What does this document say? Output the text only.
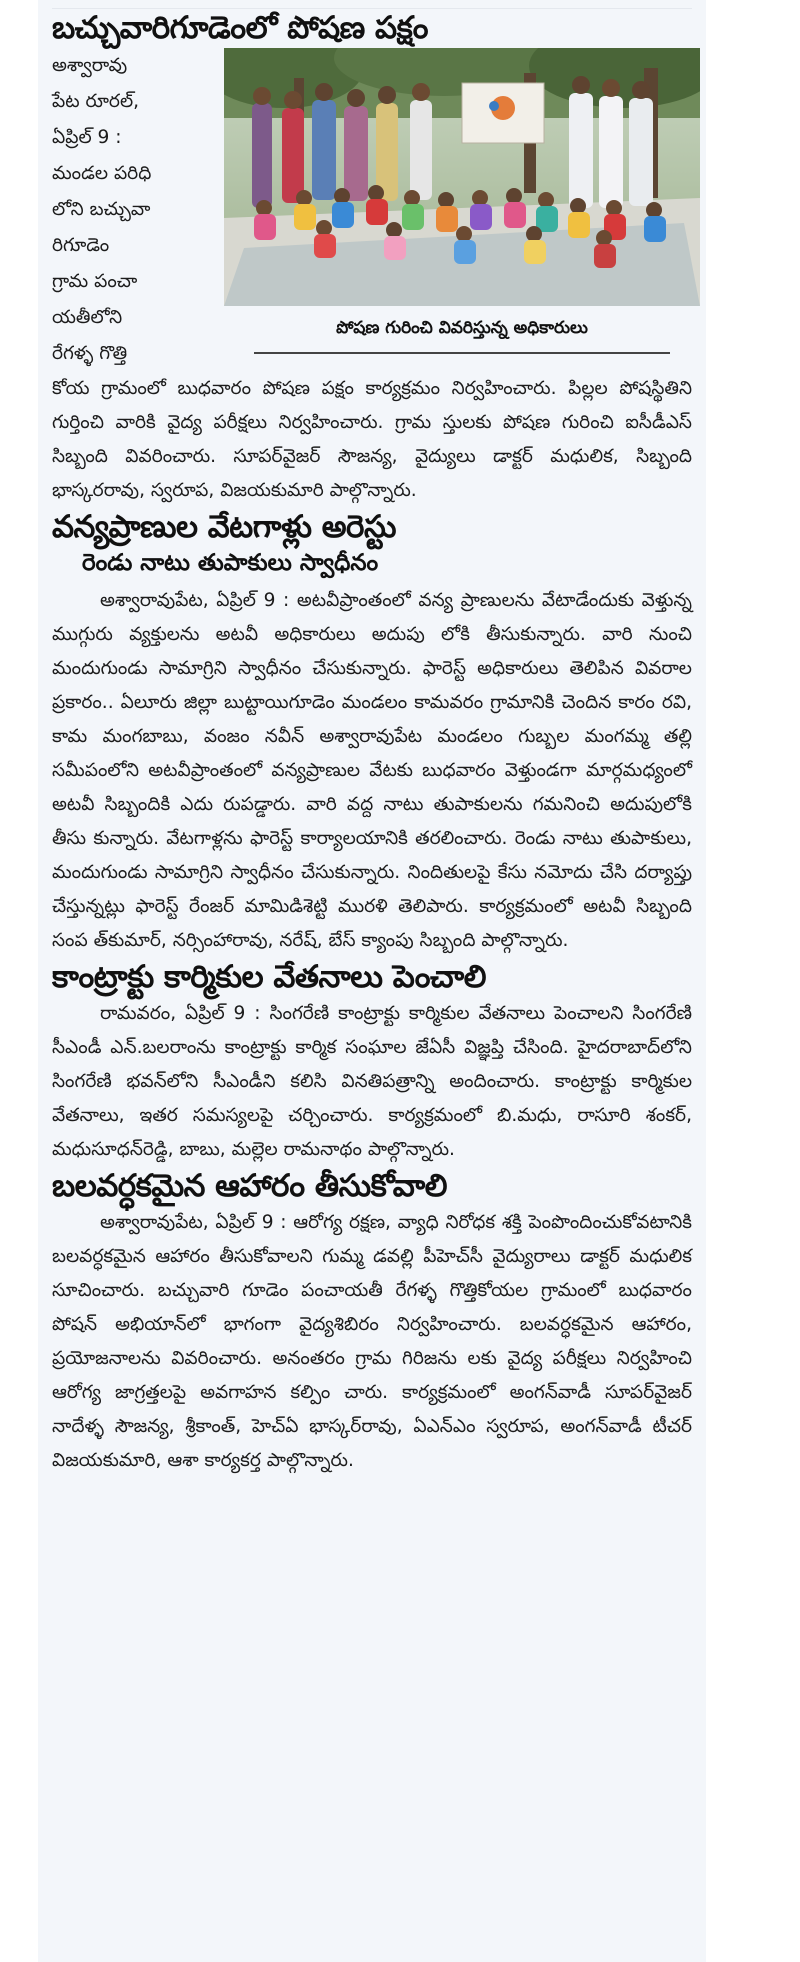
బచ్చువారిగూడెంలో పోషణ పక్షం

అశ్వారావు
పేట రూరల్,
ఏప్రిల్ 9 :
మండల పరిధి
లోని బచ్చువా
రిగూడెం
గ్రామ పంచా
యతీలోని
రేగళ్ళ గొత్తి

పోషణ గురించి వివరిస్తున్న అధికారులు

కోయ గ్రామంలో బుధవారం పోషణ పక్షం కార్యక్రమం నిర్వహించారు. పిల్లల పోషస్థితిని గుర్తించి వారికి వైద్య పరీక్షలు నిర్వహించారు. గ్రామ స్తులకు పోషణ గురించి ఐసీడీఎస్ సిబ్బంది వివరించారు. సూపర్‌వైజర్ సౌజన్య, వైద్యులు డాక్టర్ మధులిక, సిబ్బంది భాస్కరరావు, స్వరూప, విజయకుమారి పాల్గొన్నారు.

వన్యప్రాణుల వేటగాళ్లు అరెస్టు
రెండు నాటు తుపాకులు స్వాధీనం

అశ్వారావుపేట, ఏప్రిల్ 9 : అటవీప్రాంతంలో వన్య ప్రాణులను వేటాడేందుకు వెళ్తున్న ముగ్గురు వ్యక్తులను అటవీ అధికారులు అదుపు లోకి తీసుకున్నారు. వారి నుంచి మందుగుండు సామాగ్రిని స్వాధీనం చేసుకున్నారు. ఫారెస్ట్ అధికారులు తెలిపిన వివరాల ప్రకారం.. ఏలూరు జిల్లా బుట్టాయిగూడెం మండలం కామవరం గ్రామానికి చెందిన కారం రవి, కామ మంగబాబు, వంజం నవీన్ అశ్వారావుపేట మండలం గుబ్బల మంగమ్మ తల్లి సమీపంలోని అటవీప్రాంతంలో వన్యప్రాణుల వేటకు బుధవారం వెళ్తుండగా మార్గమధ్యంలో అటవీ సిబ్బందికి ఎదు రుపడ్డారు. వారి వద్ద నాటు తుపాకులను గమనించి అదుపులోకి తీసు కున్నారు. వేటగాళ్లను ఫారెస్ట్ కార్యాలయానికి తరలించారు. రెండు నాటు తుపాకులు, మందుగుండు సామాగ్రిని స్వాధీనం చేసుకున్నారు. నిందితులపై కేసు నమోదు చేసి దర్యాప్తు చేస్తున్నట్లు ఫారెస్ట్ రేంజర్ మామిడిశెట్టి మురళి తెలిపారు. కార్యక్రమంలో అటవీ సిబ్బంది సంప త్‌కుమార్, నర్సింహారావు, నరేష్, బేస్ క్యాంపు సిబ్బంది పాల్గొన్నారు.

కాంట్రాక్టు కార్మికుల వేతనాలు పెంచాలి

రామవరం, ఏప్రిల్ 9 : సింగరేణి కాంట్రాక్టు కార్మికుల వేతనాలు పెంచాలని సింగరేణి సీఎండీ ఎన్.బలరాంను కాంట్రాక్టు కార్మిక సంఘాల జేఏసీ విజ్ఞప్తి చేసింది. హైదరాబాద్‌లోని సింగరేణి భవన్‌లోని సీఎండీని కలిసి వినతిపత్రాన్ని అందించారు. కాంట్రాక్టు కార్మికుల వేతనాలు, ఇతర సమస్యలపై చర్చించారు. కార్యక్రమంలో బి.మధు, రాసూరి శంకర్, మధుసూధన్‌రెడ్డి, బాబు, మల్లెల రామనాథం పాల్గొన్నారు.

బలవర్ధకమైన ఆహారం తీసుకోవాలి

అశ్వారావుపేట, ఏప్రిల్ 9 : ఆరోగ్య రక్షణ, వ్యాధి నిరోధక శక్తి పెంపొందించుకోవటానికి బలవర్ధకమైన ఆహారం తీసుకోవాలని గుమ్మ డవల్లి పీహెచ్‌సీ వైద్యురాలు డాక్టర్ మధులిక సూచించారు. బచ్చువారి గూడెం పంచాయతీ రేగళ్ళ గొత్తికోయల గ్రామంలో బుధవారం పోషన్ అభియాన్‌లో భాగంగా వైద్యశిబిరం నిర్వహించారు. బలవర్ధకమైన ఆహారం, ప్రయోజనాలను వివరించారు. అనంతరం గ్రామ గిరిజను లకు వైద్య పరీక్షలు నిర్వహించి ఆరోగ్య జాగ్రత్తలపై అవగాహన కల్పిం చారు. కార్యక్రమంలో అంగన్‌వాడీ సూపర్‌వైజర్ నాదేళ్ళ సౌజన్య, శ్రీకాంత్, హెచ్‌ఏ భాస్కర్‌రావు, ఏఎన్‌ఎం స్వరూప, అంగన్‌వాడీ టీచర్ విజయకుమారి, ఆశా కార్యకర్త పాల్గొన్నారు.
